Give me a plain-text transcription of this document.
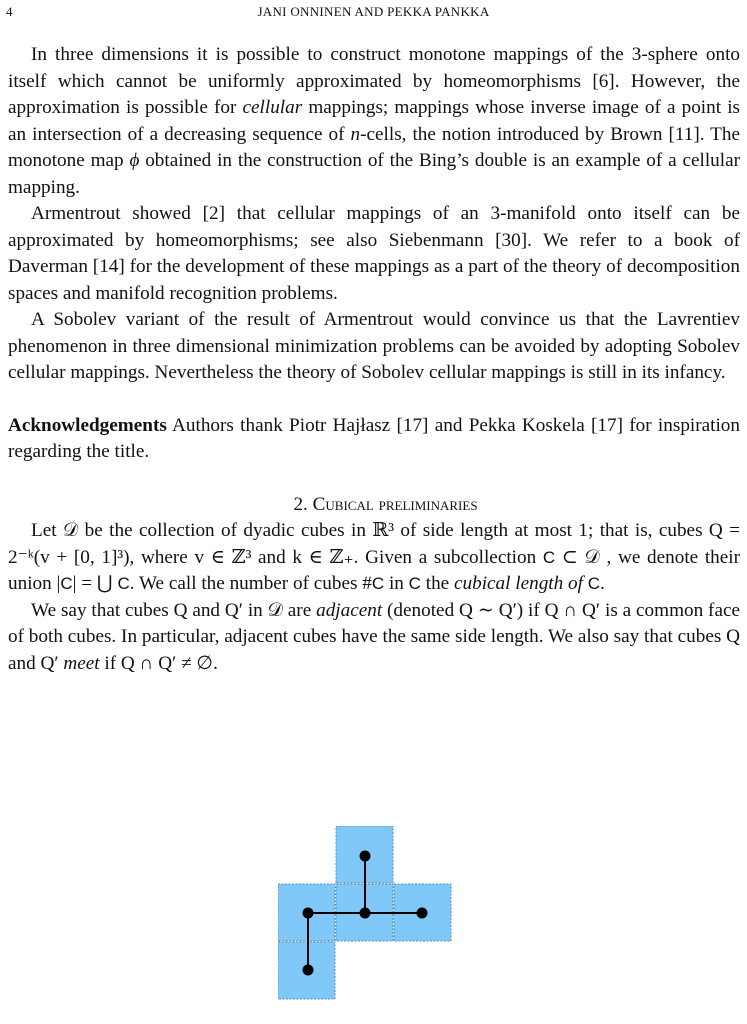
4	JANI ONNINEN AND PEKKA PANKKA

In three dimensions it is possible to construct monotone mappings of the 3-sphere onto itself which cannot be uniformly approximated by homeomorphisms [6]. However, the approximation is possible for cellular mappings; mappings whose inverse image of a point is an intersection of a decreasing sequence of n-cells, the notion introduced by Brown [11]. The monotone map ϕ obtained in the construction of the Bing’s double is an example of a cellular mapping.

Armentrout showed [2] that cellular mappings of an 3-manifold onto itself can be approximated by homeomorphisms; see also Siebenmann [30]. We refer to a book of Daverman [14] for the development of these mappings as a part of the theory of decomposition spaces and manifold recognition problems.

A Sobolev variant of the result of Armentrout would convince us that the Lavrentiev phenomenon in three dimensional minimization problems can be avoided by adopting Sobolev cellular mappings. Nevertheless the theory of Sobolev cellular mappings is still in its infancy.

Acknowledgements Authors thank Piotr Hajłasz [17] and Pekka Koskela [17] for inspiration regarding the title.

2. Cubical preliminaries

Let 𝒟 be the collection of dyadic cubes in ℝ³ of side length at most 1; that is, cubes Q = 2⁻ᵏ(v + [0, 1]³), where v ∈ ℤ³ and k ∈ ℤ₊. Given a subcollection C ⊂ 𝒟 , we denote their union |C| = ⋃ C. We call the number of cubes #C in C the cubical length of C.

We say that cubes Q and Q′ in 𝒟 are adjacent (denoted Q ∼ Q′) if Q ∩ Q′ is a common face of both cubes. In particular, adjacent cubes have the same side length. We also say that cubes Q and Q′ meet if Q ∩ Q′ ≠ ∅.
